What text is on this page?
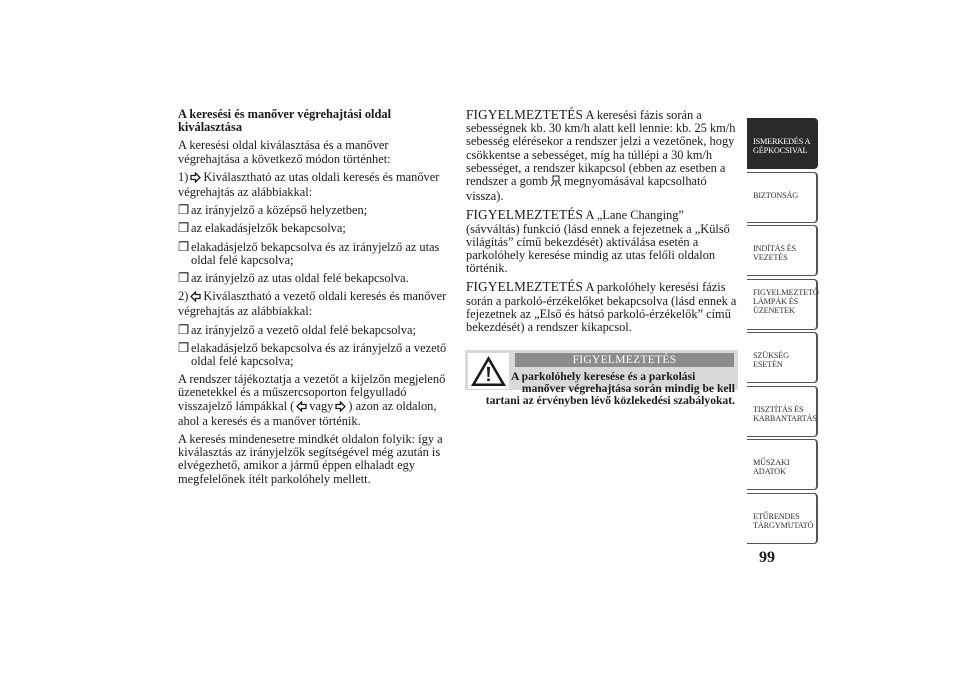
A keresési és manőver végrehajtási oldal kiválasztása

A keresési oldal kiválasztása és a manőver végrehajtása a következő módon történhet:

1) Kiválasztható az utas oldali keresés és manőver végrehajtás az alábbiakkal:

❒ az irányjelző a középső helyzetben;

❒ az elakadásjelzők bekapcsolva;

❒ elakadásjelző bekapcsolva és az irányjelző az utas oldal felé kapcsolva;

❒ az irányjelző az utas oldal felé bekapcsolva.

2) Kiválasztható a vezető oldali keresés és manőver végrehajtás az alábbiakkal:

❒ az irányjelző a vezető oldal felé bekapcsolva;

❒ elakadásjelző bekapcsolva és az irányjelző a vezető oldal felé kapcsolva;

A rendszer tájékoztatja a vezetőt a kijelzőn megjelenő üzenetekkel és a műszercsoporton felgyulladó visszajelző lámpákkal ( vagy ) azon az oldalon, ahol a keresés és a manőver történik.

A keresés mindenesetre mindkét oldalon folyik: így a kiválasztás az irányjelzők segítségével még azután is elvégezhető, amikor a jármű éppen elhaladt egy megfelelőnek ítélt parkolóhely mellett.

FIGYELMEZTETÉS A keresési fázis során a sebességnek kb. 30 km/h alatt kell lennie: kb. 25 km/h sebesség elérésekor a rendszer jelzi a vezetőnek, hogy csökkentse a sebességet, míg ha túllépi a 30 km/h sebességet, a rendszer kikapcsol (ebben az esetben a rendszer a gomb megnyomásával kapcsolható vissza).

FIGYELMEZTETÉS A „Lane Changing” (sávváltás) funkció (lásd ennek a fejezetnek a „Külső világítás” című bekezdését) aktiválása esetén a parkolóhely keresése mindig az utas felőli oldalon történik.

FIGYELMEZTETÉS A parkolóhely keresési fázis során a parkoló-érzékelőket bekapcsolva (lásd ennek a fejezetnek az „Első és hátsó parkoló-érzékelők” című bekezdését) a rendszer kikapcsol.

FIGYELMEZTETÉS
A parkolóhely keresése és a parkolási
manőver végrehajtása során mindig be kell
tartani az érvényben lévő közlekedési szabályokat.
ISMERKEDÉS A
GÉPKOCSIVAL
BIZTONSÁG
INDÍTÁS ÉS
VEZETÉS
FIGYELMEZTETŐ
LÁMPÁK ÉS
ÜZENETEK
SZÜKSÉG ESETÉN
TISZTÍTÁS ÉS
KARBANTARTÁS
MŰSZAKI ADATOK
ETŰRENDES
TÁRGYMUTATÓ
99
